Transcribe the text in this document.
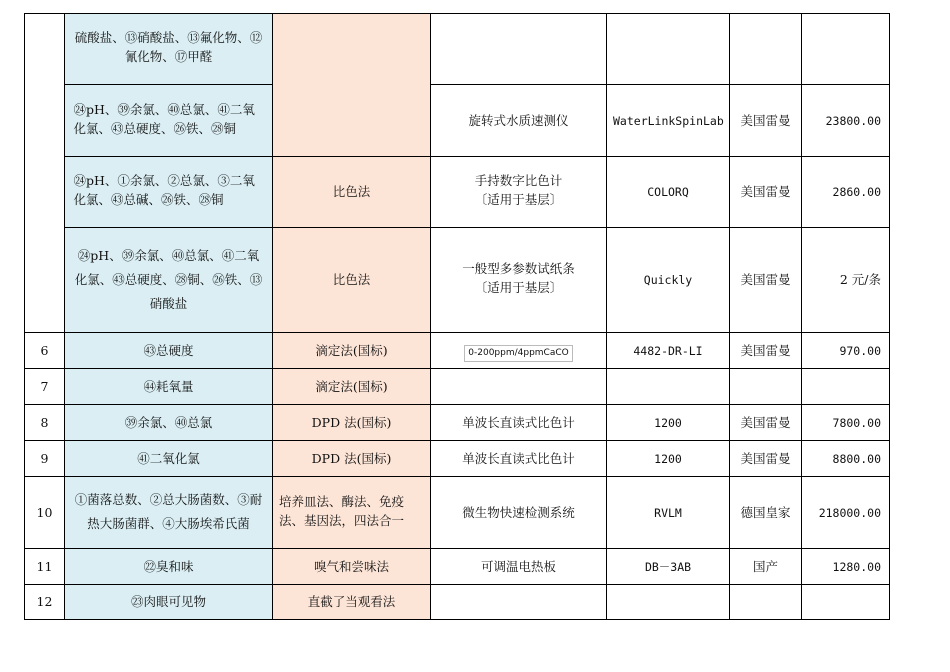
	硫酸盐、⑬硝酸盐、⑬氟化物、⑫氰化物、⑰甲醛					
	㉔pH、㊴余氯、㊵总氯、㊶二氧化氯、㊸总硬度、㉖铁、㉘铜		旋转式水质速测仪	WaterLinkSpinLab	美国雷曼	23800.00
	㉔pH、①余氯、②总氯、③二氧化氯、㊸总碱、㉖铁、㉘铜	比色法	手持数字比色计〔适用于基层〕	COLORQ	美国雷曼	2860.00
	㉔pH、㊴余氯、㊵总氯、㊶二氧化氯、㊸总硬度、㉘铜、㉖铁、⑬硝酸盐	比色法	一般型多参数试纸条〔适用于基层〕	Quickly	美国雷曼	2 元/条
6	㊸总硬度	滴定法(国标)	0-200ppm/4ppmCaCO	4482-DR-LI	美国雷曼	970.00
7	㊹耗氧量	滴定法(国标)				
8	㊴余氯、㊵总氯	DPD 法(国标)	单波长直读式比色计	1200	美国雷曼	7800.00
9	㊶二氧化氯	DPD 法(国标)	单波长直读式比色计	1200	美国雷曼	8800.00
10	①菌落总数、②总大肠菌数、③耐热大肠菌群、④大肠埃希氏菌	培养皿法、酶法、免疫法、基因法，四法合一	微生物快速检测系统	RVLM	德国皇家	218000.00
11	㉒臭和味	嗅气和尝味法	可调温电热板	DB－3AB	国产	1280.00
12	㉓肉眼可见物	直截了当观看法				
